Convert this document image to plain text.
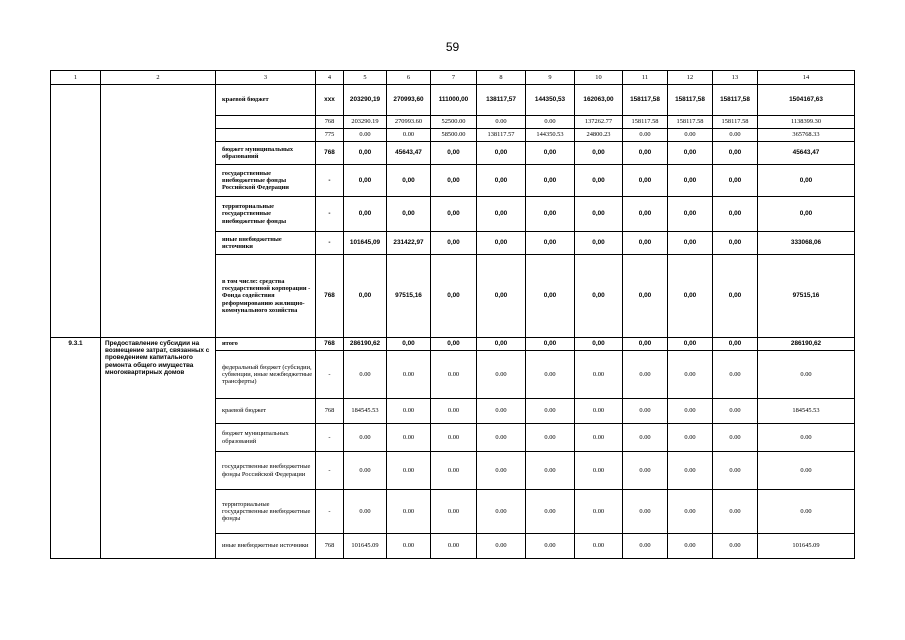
59
1	2	3	4	5	6	7	8	9	10	11	12	13	14
		краевой бюджет	ххх	203290,19	270993,60	111000,00	138117,57	144350,53	162063,00	158117,58	158117,58	158117,58	1504167,63
			768	203290.19	270993.60	52500.00	0.00	0.00	137262.77	158117.58	158117.58	158117.58	1138399.30
			775	0.00	0.00	58500.00	138117.57	144350.53	24800.23	0.00	0.00	0.00	365768.33
		бюджет муниципальных образований	768	0,00	45643,47	0,00	0,00	0,00	0,00	0,00	0,00	0,00	45643,47
		государственные внебюджетные фонды Российской Федерации	-	0,00	0,00	0,00	0,00	0,00	0,00	0,00	0,00	0,00	0,00
		территориальные государственные внебюджетные фонды	-	0,00	0,00	0,00	0,00	0,00	0,00	0,00	0,00	0,00	0,00
		иные внебюджетные источники	-	101645,09	231422,97	0,00	0,00	0,00	0,00	0,00	0,00	0,00	333068,06
		в том числе: средства государственной корпорации - Фонда содействия реформированию жилищно-коммунального хозяйства	768	0,00	97515,16	0,00	0,00	0,00	0,00	0,00	0,00	0,00	97515,16
9.3.1	Предоставление субсидии на возмещение затрат, связанных с проведением капитального ремонта общего имущества многоквартирных домов	итого	768	286190,62	0,00	0,00	0,00	0,00	0,00	0,00	0,00	0,00	286190,62
		федеральный бюджет (субсидии, субвенции, иные межбюджетные трансферты)	-	0.00	0.00	0.00	0.00	0.00	0.00	0.00	0.00	0.00	0.00
		краевой бюджет	768	184545.53	0.00	0.00	0.00	0.00	0.00	0.00	0.00	0.00	184545.53
		бюджет муниципальных образований	-	0.00	0.00	0.00	0.00	0.00	0.00	0.00	0.00	0.00	0.00
		государственные внебюджетные фонды Российской Федерации	-	0.00	0.00	0.00	0.00	0.00	0.00	0.00	0.00	0.00	0.00
		территориальные государственные внебюджетные фонды	-	0.00	0.00	0.00	0.00	0.00	0.00	0.00	0.00	0.00	0.00
		иные внебюджетные источники	768	101645.09	0.00	0.00	0.00	0.00	0.00	0.00	0.00	0.00	101645.09
